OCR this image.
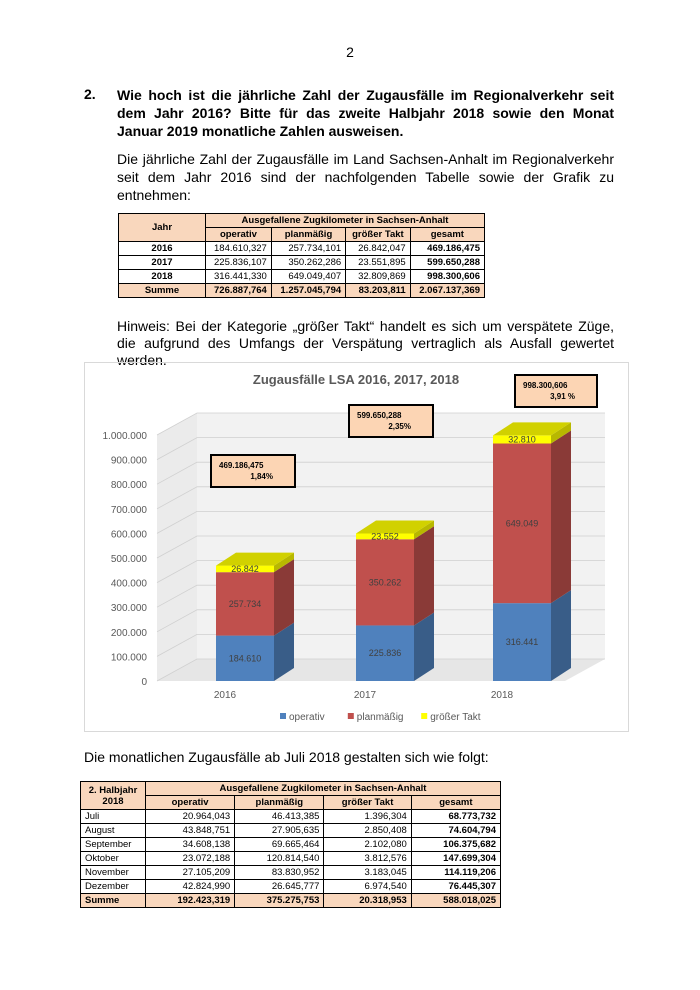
2
2. Wie hoch ist die jährliche Zahl der Zugausfälle im Regionalverkehr seit dem Jahr 2016? Bitte für das zweite Halbjahr 2018 sowie den Monat Januar 2019 monatliche Zahlen ausweisen.
Die jährliche Zahl der Zugausfälle im Land Sachsen-Anhalt im Regionalverkehr seit dem Jahr 2016 sind der nachfolgenden Tabelle sowie der Grafik zu entnehmen:
Jahr	Ausgefallene Zugkilometer in Sachsen-Anhalt			
	operativ	planmäßig	größer Takt	gesamt
2016	184.610,327	257.734,101	26.842,047	469.186,475
2017	225.836,107	350.262,286	23.551,895	599.650,288
2018	316.441,330	649.049,407	32.809,869	998.300,606
Summe	726.887,764	1.257.045,794	83.203,811	2.067.137,369
Hinweis: Bei der Kategorie „größer Takt“ handelt es sich um verspätete Züge, die aufgrund des Umfangs der Verspätung vertraglich als Ausfall gewertet werden.
Zugausfälle LSA 2016, 2017, 2018
0
100.000
200.000
300.000
400.000
500.000
600.000
700.000
800.000
900.000
1.000.000
184.610
257.734
26.842
2016
225.836
350.262
23.552
2017
316.441
649.049
32.810
2018
469.186,475
1,84%
599.650,288
2,35%
998.300,606
3,91 %
operativ	planmäßig	größer Takt
Die monatlichen Zugausfälle ab Juli 2018 gestalten sich wie folgt:
2. Halbjahr 2018	Ausgefallene Zugkilometer in Sachsen-Anhalt			
	operativ	planmäßig	größer Takt	gesamt
Juli	20.964,043	46.413,385	1.396,304	68.773,732
August	43.848,751	27.905,635	2.850,408	74.604,794
September	34.608,138	69.665,464	2.102,080	106.375,682
Oktober	23.072,188	120.814,540	3.812,576	147.699,304
November	27.105,209	83.830,952	3.183,045	114.119,206
Dezember	42.824,990	26.645,777	6.974,540	76.445,307
Summe	192.423,319	375.275,753	20.318,953	588.018,025
